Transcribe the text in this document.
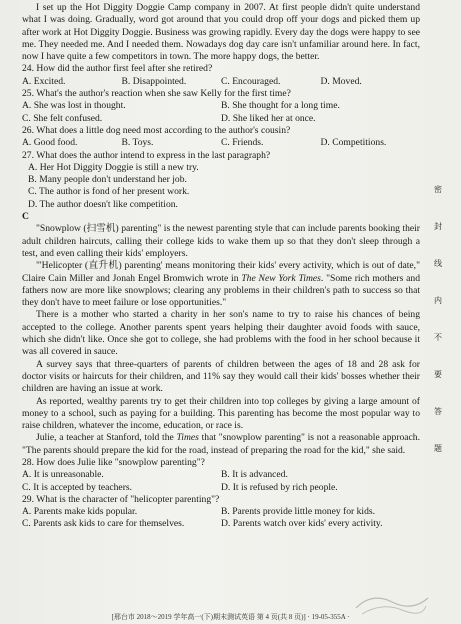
I set up the Hot Diggity Doggie Camp company in 2007. At first people didn't quite understand what I was doing. Gradually, word got around that you could drop off your dogs and picked them up after work at Hot Diggity Doggie. Business was growing rapidly. Every day the dogs were happy to see me. They needed me. And I needed them. Nowadays dog day care isn't unfamiliar around here. In fact, now I have quite a few competitors in town. The more happy dogs, the better.

24. How did the author first feel after she retired?

A. Excited.	B. Disappointed.	C. Encouraged.	D. Moved.

25. What's the author's reaction when she saw Kelly for the first time?

A. She was lost in thought.	B. She thought for a long time.
C. She felt confused.	D. She liked her at once.

26. What does a little dog need most according to the author's cousin?

A. Good food.	B. Toys.	C. Friends.	D. Competitions.

27. What does the author intend to express in the last paragraph?

A. Her Hot Diggity Doggie is still a new try.

B. Many people don't understand her job.

C. The author is fond of her present work.

D. The author doesn't like competition.

C

"Snowplow (扫雪机) parenting" is the newest parenting style that can include parents booking their adult children haircuts, calling their college kids to wake them up so that they don't sleep through a test, and even calling their kids' employers.

"'Helicopter (直升机) parenting' means monitoring their kids' every activity, which is out of date," Claire Cain Miller and Jonah Engel Bromwich wrote in The New York Times. "Some rich mothers and fathers now are more like snowplows; clearing any problems in their children's path to success so that they don't have to meet failure or lose opportunities."

There is a mother who started a charity in her son's name to try to raise his chances of being accepted to the college. Another parents spent years helping their daughter avoid foods with sauce, which she didn't like. Once she got to college, she had problems with the food in her school because it was all covered in sauce.

A survey says that three-quarters of parents of children between the ages of 18 and 28 ask for doctor visits or haircuts for their children, and 11% say they would call their kids' bosses whether their children are having an issue at work.

As reported, wealthy parents try to get their children into top colleges by giving a large amount of money to a school, such as paying for a building. This parenting has become the most popular way to raise children, whatever the income, education, or race is.

Julie, a teacher at Stanford, told the Times that "snowplow parenting" is not a reasonable approach. "The parents should prepare the kid for the road, instead of preparing the road for the kid," she said.

28. How does Julie like "snowplow parenting"?

A. It is unreasonable.	B. It is advanced.
C. It is accepted by teachers.	D. It is refused by rich people.

29. What is the character of "helicopter parenting"?

A. Parents make kids popular.	B. Parents provide little money for kids.
C. Parents ask kids to care for themselves.	D. Parents watch over kids' every activity.
密
封
线
内
不
要
答
题
[邢台市 2018～2019 学年高一(下)期末测试英语 第 4 页(共 8 页)] · 19-05-355A ·
